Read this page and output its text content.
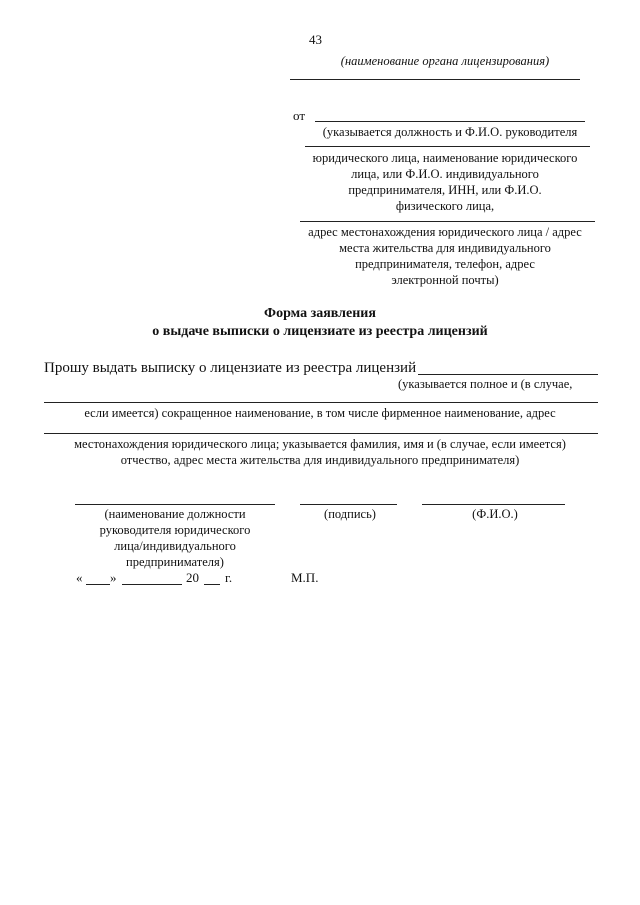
43
(наименование органа лицензирования)
от
(указывается должность и Ф.И.О. руководителя
юридического лица, наименование юридического
лица, или Ф.И.О. индивидуального
предпринимателя, ИНН, или Ф.И.О.
физического лица,
адрес местонахождения юридического лица / адрес
места жительства для индивидуального
предпринимателя, телефон, адрес
электронной почты)
Форма заявления
о выдаче выписки о лицензиате из реестра лицензий
Прошу выдать выписку о лицензиате из реестра лицензий
(указывается полное и (в случае,
если имеется) сокращенное наименование, в том числе фирменное наименование, адрес
местонахождения юридического лица; указывается фамилия, имя и (в случае, если имеется)
отчество, адрес места жительства для индивидуального предпринимателя)
(наименование должности
руководителя юридического
лица/индивидуального
предпринимателя)
(подпись)	(Ф.И.О.)
« »	20 г.	М.П.
